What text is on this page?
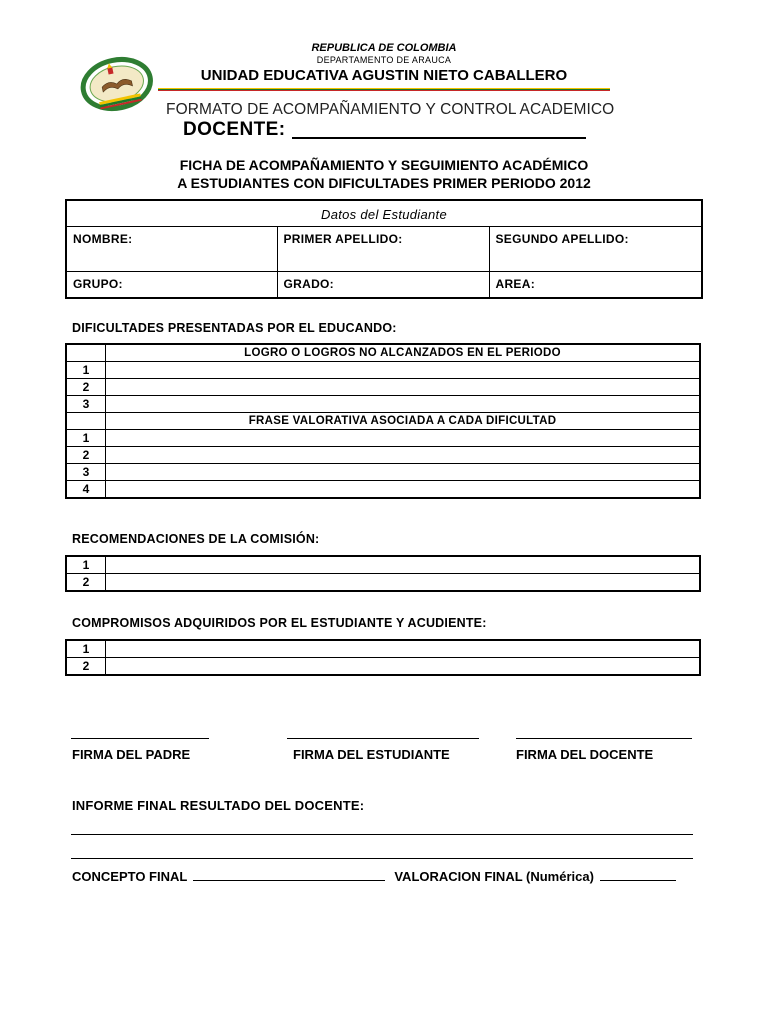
REPUBLICA DE COLOMBIA
DEPARTAMENTO DE ARAUCA
UNIDAD EDUCATIVA AGUSTIN NIETO CABALLERO
FORMATO DE ACOMPAÑAMIENTO Y CONTROL ACADEMICO
DOCENTE:
FICHA DE ACOMPAÑAMIENTO Y SEGUIMIENTO ACADÉMICO
A ESTUDIANTES CON DIFICULTADES PRIMER PERIODO 2012
Datos del Estudiante		
NOMBRE:	PRIMER APELLIDO:	SEGUNDO APELLIDO:
GRUPO:	GRADO:	AREA:
DIFICULTADES PRESENTADAS POR EL EDUCANDO:
	LOGRO O LOGROS NO ALCANZADOS EN EL PERIODO
1	
2	
3	
	FRASE VALORATIVA ASOCIADA A CADA DIFICULTAD
1	
2	
3	
4	
RECOMENDACIONES DE LA COMISIÓN:
1	
2	
COMPROMISOS ADQUIRIDOS POR EL ESTUDIANTE Y ACUDIENTE:
1	
2	
FIRMA DEL PADRE	FIRMA DEL ESTUDIANTE	FIRMA DEL DOCENTE
INFORME FINAL RESULTADO DEL DOCENTE:
CONCEPTO FINAL	VALORACION FINAL (Numérica)
